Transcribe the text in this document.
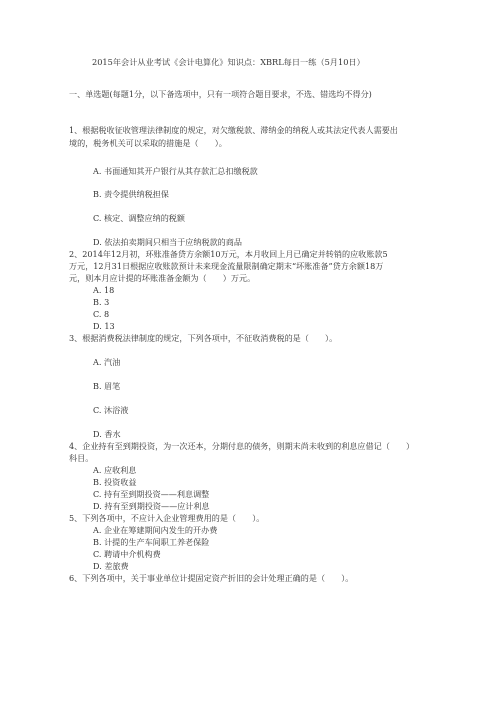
2015年会计从业考试《会计电算化》知识点：XBRL每日一练（5月10日）
一、单选题(每题1分，以下备选项中，只有一项符合题目要求，不选、错选均不得分)
1、根据税收征收管理法律制度的规定，对欠缴税款、滞纳金的纳税人或其法定代表人需要出
境的，税务机关可以采取的措施是（　　）。
A. 书面通知其开户银行从其存款汇总扣缴税款
B. 责令提供纳税担保
C. 核定、调整应纳的税额
D. 依法拍卖期间只相当于应纳税款的商品
2、2014年12月初，环账准备贷方余额10万元，本月收回上月已确定并转销的应收账款5
万元，12月31日根据应收账款预计未来现金流量限制确定期末“坏账准备”贷方余额18万
元，则本月应计提的坏账准备金额为（　　）万元。
A. 18
B. 3
C. 8
D. 13
3、根据消费税法律制度的规定，下列各项中，不征收消费税的是（　　）。
A. 汽油
B. 眉笔
C. 沐浴液
D. 香水
4、企业持有至到期投资，为一次还本，分期付息的债务，则期末尚未收到的利息应借记（　　）
科目。
A. 应收利息
B. 投资收益
C. 持有至到期投资——利息调整
D. 持有至到期投资——应计利息
5、下列各项中，不应计入企业管理费用的是（　　）。
A. 企业在筹建期间内发生的开办费
B. 计提的生产车间职工养老保险
C. 聘请中介机构费
D. 差旅费
6、下列各项中，关于事业单位计提固定资产折旧的会计处理正确的是（　　）。
